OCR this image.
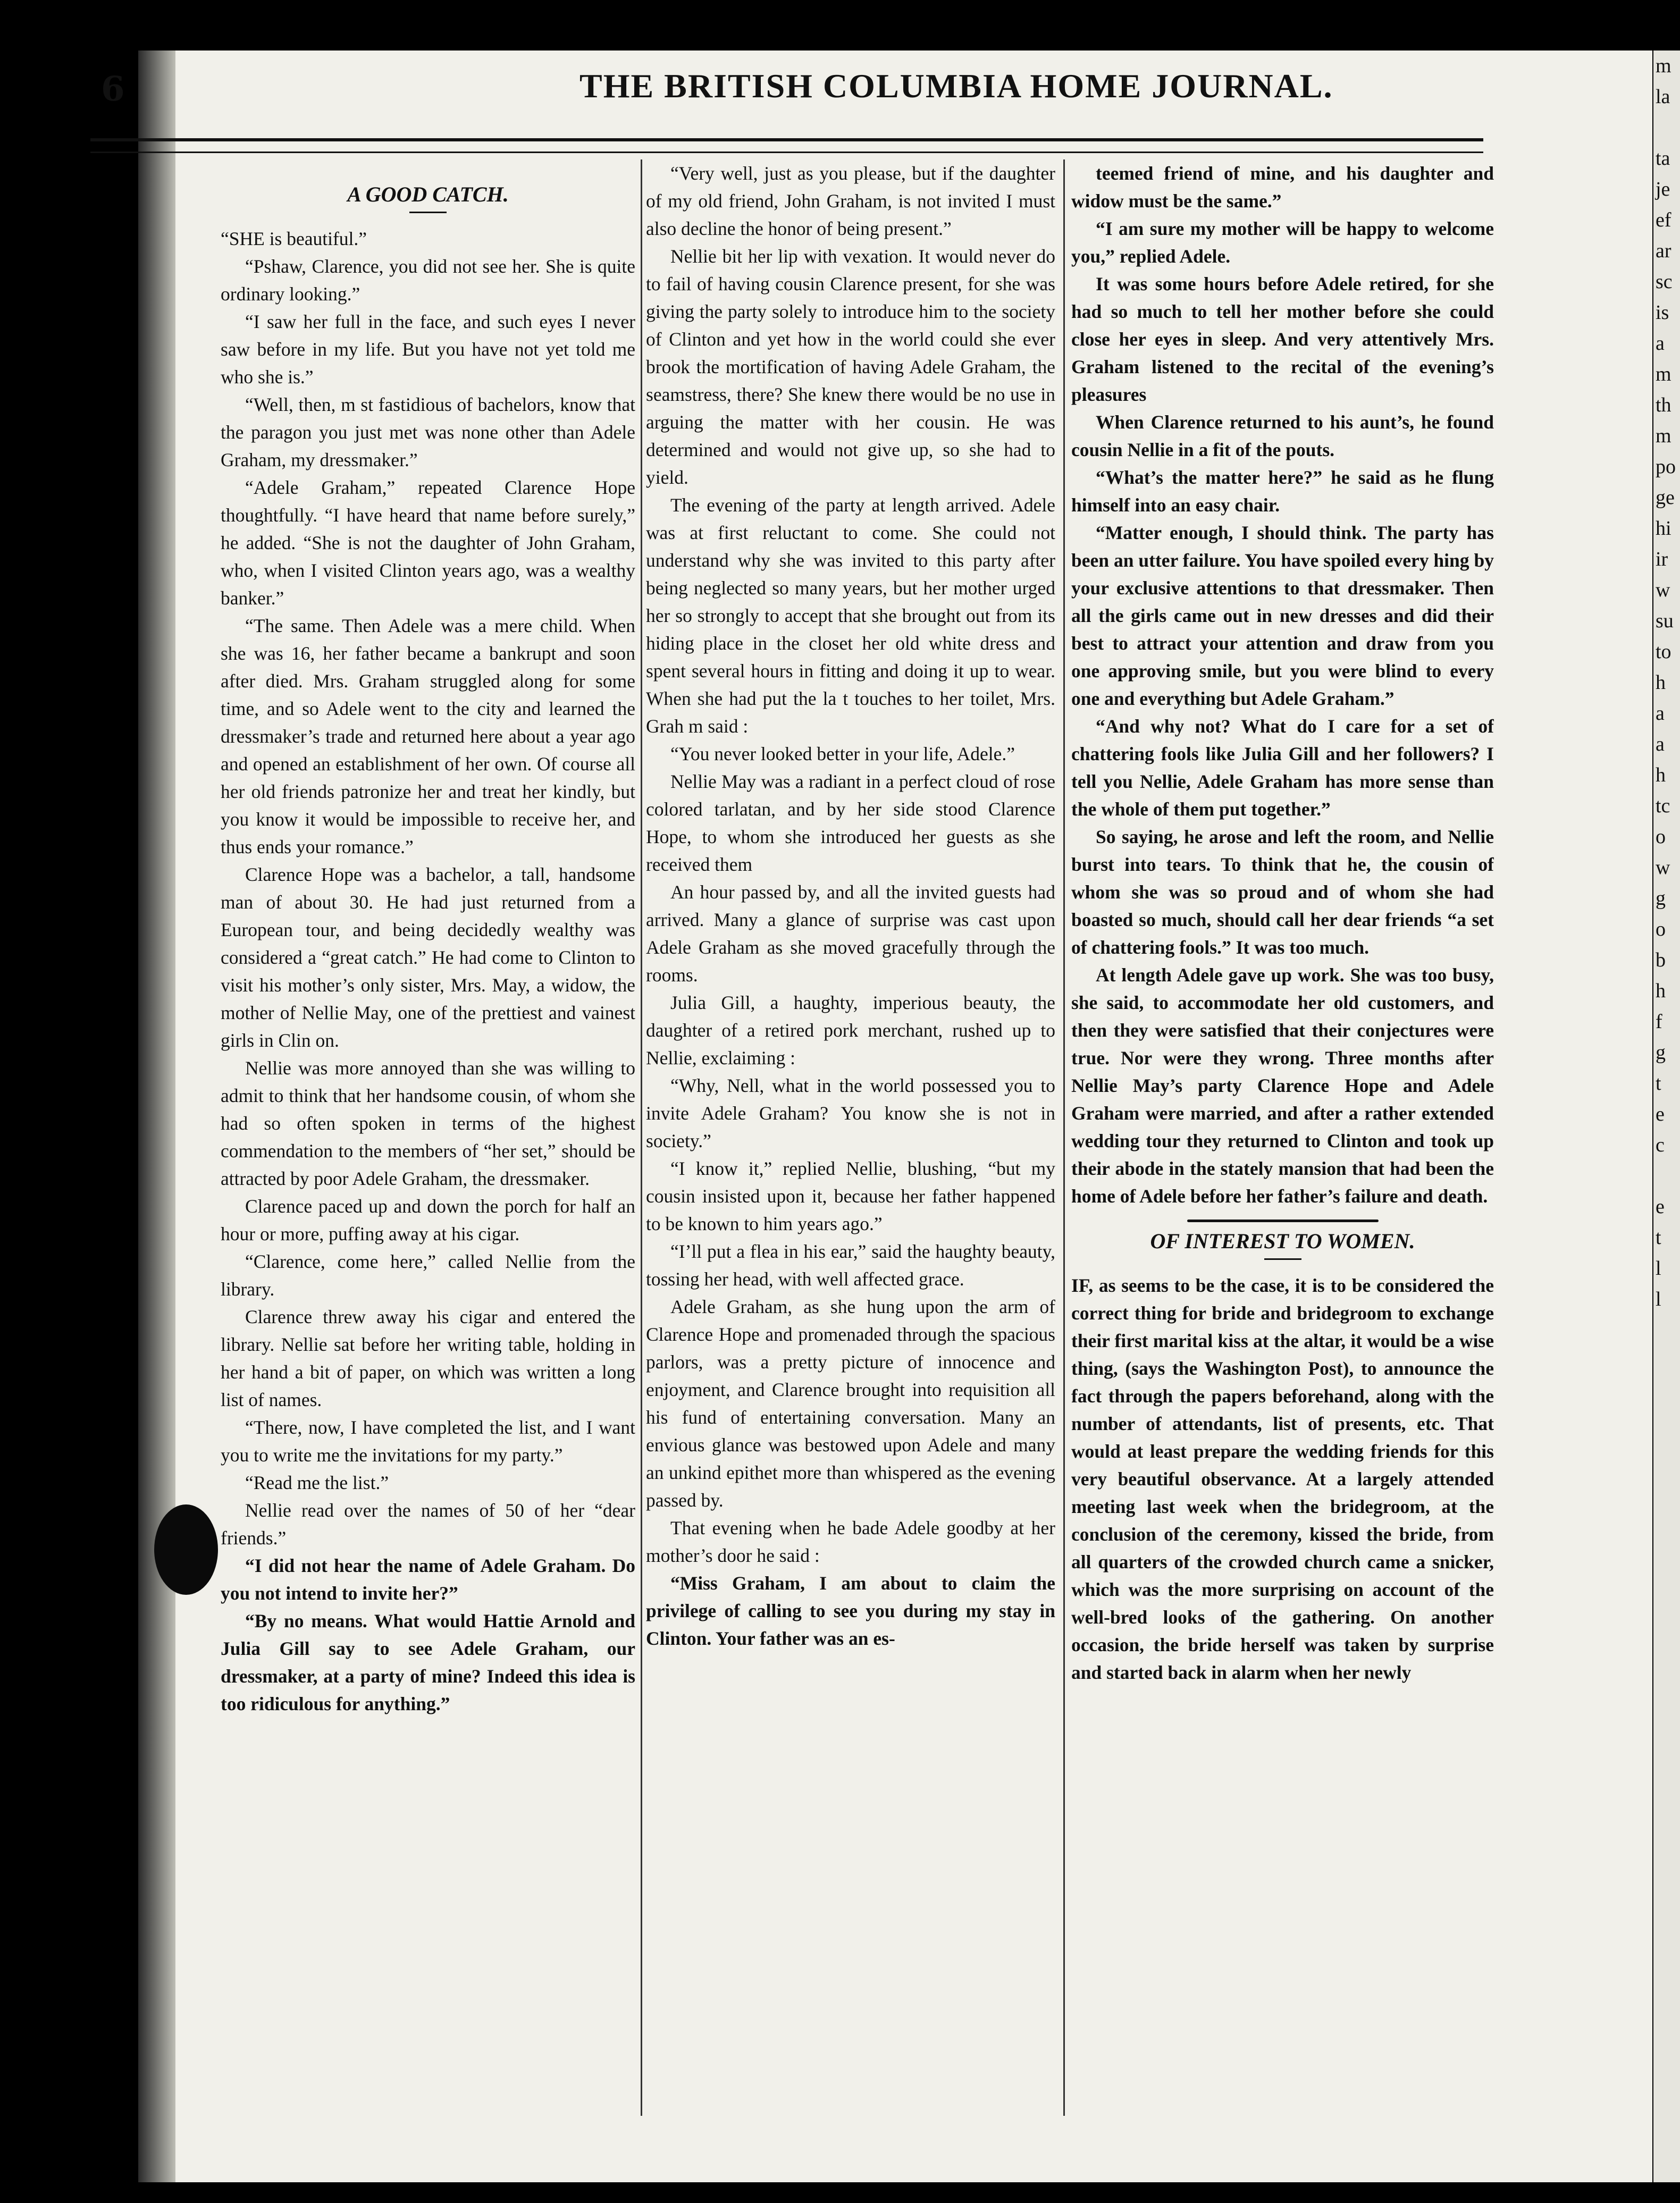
m
la

ta
je
ef
ar
sc
is
a
m
th
m
po
ge
hi
ir
w
su
to
h
a
a
h
tc
o
w
g
o
b
h
f
g
t
e
c

e
t
l
l
6	THE BRITISH COLUMBIA HOME JOURNAL.
A GOOD CATCH.

“SHE is beautiful.”

“Pshaw, Clarence, you did not see her. She is quite ordinary looking.”

“I saw her full in the face, and such eyes I never saw before in my life. But you have not yet told me who she is.”

“Well, then, m st fastidious of bachelors, know that the paragon you just met was none other than Adele Graham, my dressmaker.”

“Adele Graham,” repeated Clarence Hope thoughtfully. “I have heard that name before surely,” he added. “She is not the daughter of John Graham, who, when I visited Clinton years ago, was a wealthy banker.”

“The same. Then Adele was a mere child. When she was 16, her father became a bankrupt and soon after died. Mrs. Graham struggled along for some time, and so Adele went to the city and learned the dressmaker’s trade and returned here about a year ago and opened an establishment of her own. Of course all her old friends patronize her and treat her kindly, but you know it would be impossible to receive her, and thus ends your romance.”

Clarence Hope was a bachelor, a tall, handsome man of about 30. He had just returned from a European tour, and being decidedly wealthy was considered a “great catch.” He had come to Clinton to visit his mother’s only sister, Mrs. May, a widow, the mother of Nellie May, one of the prettiest and vainest girls in Clin on.

Nellie was more annoyed than she was willing to admit to think that her handsome cousin, of whom she had so often spoken in terms of the highest commendation to the members of “her set,” should be attracted by poor Adele Graham, the dressmaker.

Clarence paced up and down the porch for half an hour or more, puffing away at his cigar.

“Clarence, come here,” called Nellie from the library.

Clarence threw away his cigar and entered the library. Nellie sat before her writing table, holding in her hand a bit of paper, on which was written a long list of names.

“There, now, I have completed the list, and I want you to write me the invitations for my party.”

“Read me the list.”

Nellie read over the names of 50 of her “dear friends.”

“I did not hear the name of Adele Graham. Do you not intend to invite her?”

“By no means. What would Hattie Arnold and Julia Gill say to see Adele Graham, our dressmaker, at a party of mine? Indeed this idea is too ridiculous for anything.”

“Very well, just as you please, but if the daughter of my old friend, John Graham, is not invited I must also decline the honor of being present.”

Nellie bit her lip with vexation. It would never do to fail of having cousin Clarence present, for she was giving the party solely to introduce him to the society of Clinton and yet how in the world could she ever brook the mortification of having Adele Graham, the seamstress, there? She knew there would be no use in arguing the matter with her cousin. He was determined and would not give up, so she had to yield.

The evening of the party at length arrived. Adele was at first reluctant to come. She could not understand why she was invited to this party after being neglected so many years, but her mother urged her so strongly to accept that she brought out from its hiding place in the closet her old white dress and spent several hours in fitting and doing it up to wear. When she had put the la t touches to her toilet, Mrs. Grah m said :

“You never looked better in your life, Adele.”

Nellie May was a radiant in a perfect cloud of rose colored tarlatan, and by her side stood Clarence Hope, to whom she introduced her guests as she received them

An hour passed by, and all the invited guests had arrived. Many a glance of surprise was cast upon Adele Graham as she moved gracefully through the rooms.

Julia Gill, a haughty, imperious beauty, the daughter of a retired pork merchant, rushed up to Nellie, exclaiming :

“Why, Nell, what in the world possessed you to invite Adele Graham? You know she is not in society.”

“I know it,” replied Nellie, blushing, “but my cousin insisted upon it, because her father happened to be known to him years ago.”

“I’ll put a flea in his ear,” said the haughty beauty, tossing her head, with well affected grace.

Adele Graham, as she hung upon the arm of Clarence Hope and promenaded through the spacious parlors, was a pretty picture of innocence and enjoyment, and Clarence brought into requisition all his fund of entertaining conversation. Many an envious glance was bestowed upon Adele and many an unkind epithet more than whispered as the evening passed by.

That evening when he bade Adele goodby at her mother’s door he said :

“Miss Graham, I am about to claim the privilege of calling to see you during my stay in Clinton. Your father was an es-

teemed friend of mine, and his daughter and widow must be the same.”

“I am sure my mother will be happy to welcome you,” replied Adele.

It was some hours before Adele retired, for she had so much to tell her mother before she could close her eyes in sleep. And very attentively Mrs. Graham listened to the recital of the evening’s pleasures

When Clarence returned to his aunt’s, he found cousin Nellie in a fit of the pouts.

“What’s the matter here?” he said as he flung himself into an easy chair.

“Matter enough, I should think. The party has been an utter failure. You have spoiled every hing by your exclusive attentions to that dressmaker. Then all the girls came out in new dresses and did their best to attract your attention and draw from you one approving smile, but you were blind to every one and everything but Adele Graham.”

“And why not? What do I care for a set of chattering fools like Julia Gill and her followers? I tell you Nellie, Adele Graham has more sense than the whole of them put together.”

So saying, he arose and left the room, and Nellie burst into tears. To think that he, the cousin of whom she was so proud and of whom she had boasted so much, should call her dear friends “a set of chattering fools.” It was too much.

At length Adele gave up work. She was too busy, she said, to accommodate her old customers, and then they were satisfied that their conjectures were true. Nor were they wrong. Three months after Nellie May’s party Clarence Hope and Adele Graham were married, and after a rather extended wedding tour they returned to Clinton and took up their abode in the stately mansion that had been the home of Adele before her father’s failure and death.

OF INTEREST TO WOMEN.

IF, as seems to be the case, it is to be considered the correct thing for bride and bridegroom to exchange their first marital kiss at the altar, it would be a wise thing, (says the Washington Post), to announce the fact through the papers beforehand, along with the number of attendants, list of presents, etc. That would at least prepare the wedding friends for this very beautiful observance. At a largely attended meeting last week when the bridegroom, at the conclusion of the ceremony, kissed the bride, from all quarters of the crowded church came a snicker, which was the more surprising on account of the well-bred looks of the gathering. On another occasion, the bride herself was taken by surprise and started back in alarm when her newly
